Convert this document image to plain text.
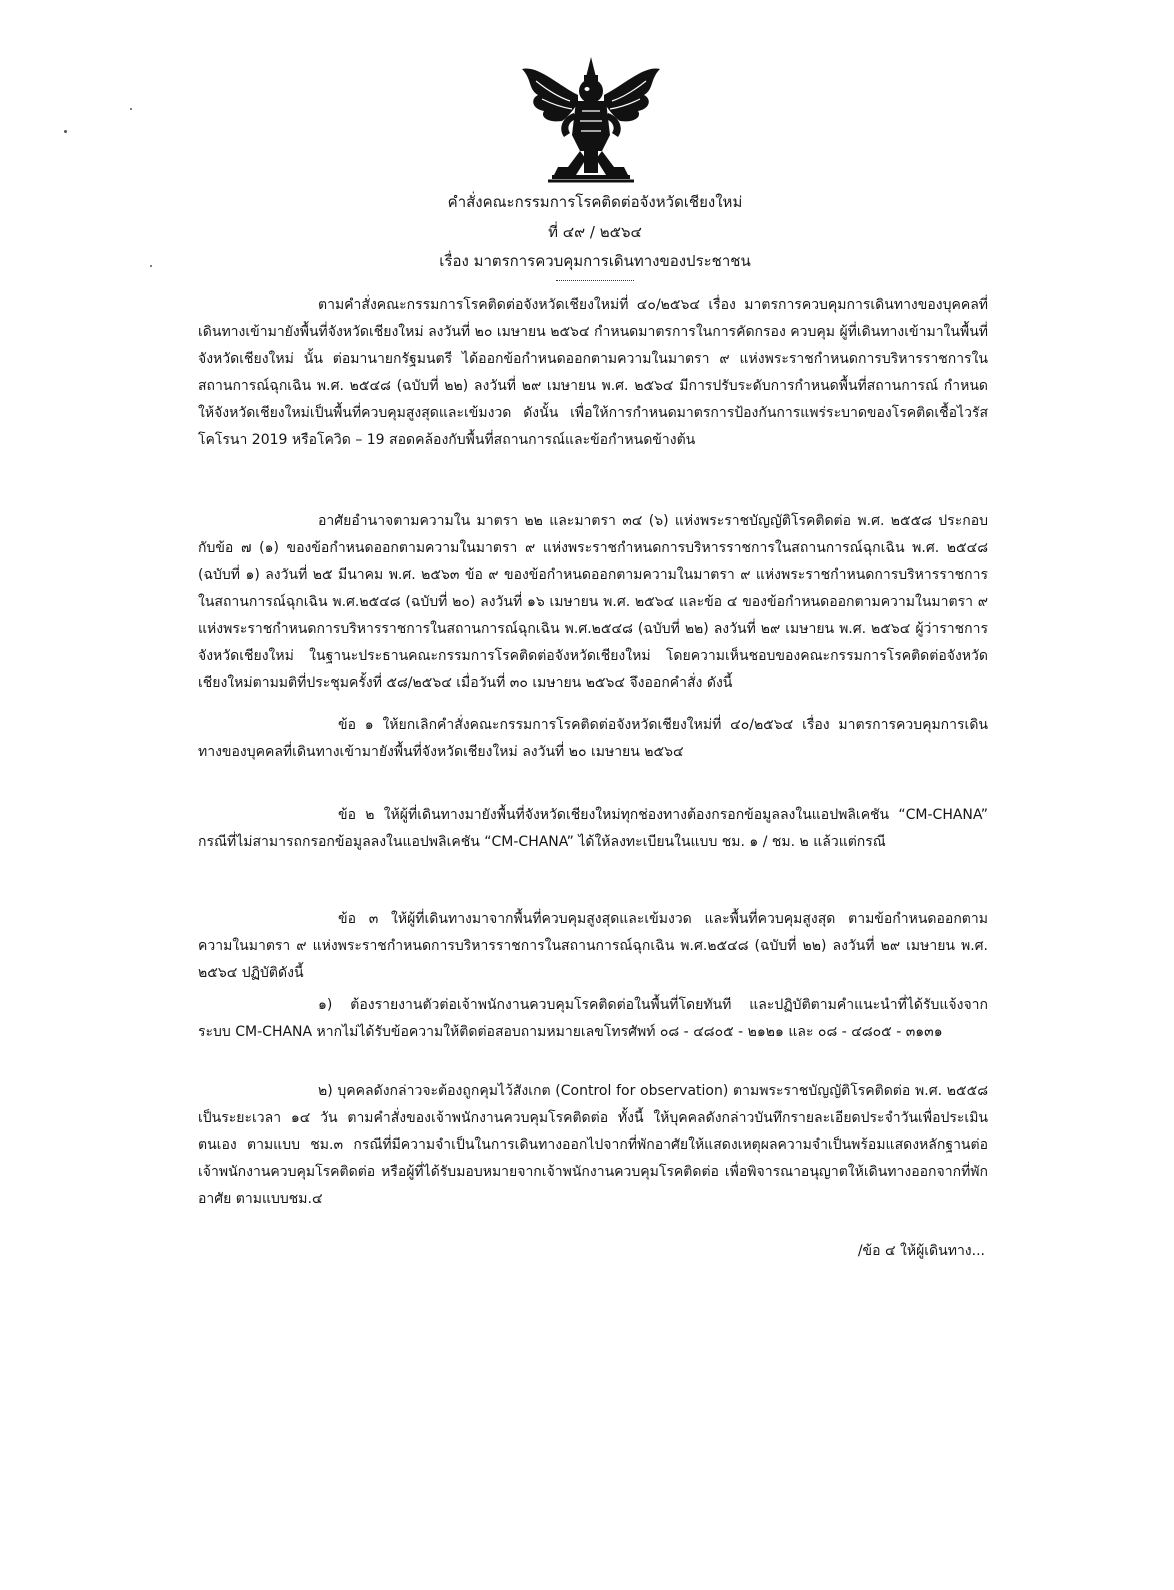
คำสั่งคณะกรรมการโรคติดต่อจังหวัดเชียงใหม่
ที่ ๔๙ / ๒๕๖๔
เรื่อง มาตรการควบคุมการเดินทางของประชาชน
ตามคำสั่งคณะกรรมการโรคติดต่อจังหวัดเชียงใหม่ที่ ๔๐/๒๕๖๔ เรื่อง มาตรการควบคุมการเดินทางของบุคคลที่เดินทางเข้ามายังพื้นที่จังหวัดเชียงใหม่ ลงวันที่ ๒๐ เมษายน ๒๕๖๔ กำหนดมาตรการในการคัดกรอง ควบคุม ผู้ที่เดินทางเข้ามาในพื้นที่จังหวัดเชียงใหม่ นั้น ต่อมานายกรัฐมนตรี ได้ออกข้อกำหนดออกตามความในมาตรา ๙ แห่งพระราชกำหนดการบริหารราชการในสถานการณ์ฉุกเฉิน พ.ศ. ๒๕๔๘ (ฉบับที่ ๒๒) ลงวันที่ ๒๙ เมษายน พ.ศ. ๒๕๖๔ มีการปรับระดับการกำหนดพื้นที่สถานการณ์ กำหนดให้จังหวัดเชียงใหม่เป็นพื้นที่ควบคุมสูงสุดและเข้มงวด ดังนั้น เพื่อให้การกำหนดมาตรการป้องกันการแพร่ระบาดของโรคติดเชื้อไวรัสโคโรนา 2019 หรือโควิด – 19 สอดคล้องกับพื้นที่สถานการณ์และข้อกำหนดข้างต้น
อาศัยอำนาจตามความใน มาตรา ๒๒ และมาตรา ๓๔ (๖) แห่งพระราชบัญญัติโรคติดต่อ พ.ศ. ๒๕๕๘ ประกอบกับข้อ ๗ (๑) ของข้อกำหนดออกตามความในมาตรา ๙ แห่งพระราชกำหนดการบริหารราชการในสถานการณ์ฉุกเฉิน พ.ศ. ๒๕๔๘ (ฉบับที่ ๑) ลงวันที่ ๒๕ มีนาคม พ.ศ. ๒๕๖๓ ข้อ ๙ ของข้อกำหนดออกตามความในมาตรา ๙ แห่งพระราชกำหนดการบริหารราชการในสถานการณ์ฉุกเฉิน พ.ศ.๒๕๔๘ (ฉบับที่ ๒๐) ลงวันที่ ๑๖ เมษายน พ.ศ. ๒๕๖๔ และข้อ ๔ ของข้อกำหนดออกตามความในมาตรา ๙ แห่งพระราชกำหนดการบริหารราชการในสถานการณ์ฉุกเฉิน พ.ศ.๒๕๔๘ (ฉบับที่ ๒๒) ลงวันที่ ๒๙ เมษายน พ.ศ. ๒๕๖๔ ผู้ว่าราชการจังหวัดเชียงใหม่ ในฐานะประธานคณะกรรมการโรคติดต่อจังหวัดเชียงใหม่ โดยความเห็นชอบของคณะกรรมการโรคติดต่อจังหวัดเชียงใหม่ตามมติที่ประชุมครั้งที่ ๕๘/๒๕๖๔ เมื่อวันที่ ๓๐ เมษายน ๒๕๖๔ จึงออกคำสั่ง ดังนี้
ข้อ ๑ ให้ยกเลิกคำสั่งคณะกรรมการโรคติดต่อจังหวัดเชียงใหม่ที่ ๔๐/๒๕๖๔ เรื่อง มาตรการควบคุมการเดินทางของบุคคลที่เดินทางเข้ามายังพื้นที่จังหวัดเชียงใหม่ ลงวันที่ ๒๐ เมษายน ๒๕๖๔
ข้อ ๒ ให้ผู้ที่เดินทางมายังพื้นที่จังหวัดเชียงใหม่ทุกช่องทางต้องกรอกข้อมูลลงในแอปพลิเคชัน “CM-CHANA” กรณีที่ไม่สามารถกรอกข้อมูลลงในแอปพลิเคชัน “CM-CHANA” ได้ให้ลงทะเบียนในแบบ ชม. ๑ / ชม. ๒ แล้วแต่กรณี
ข้อ ๓ ให้ผู้ที่เดินทางมาจากพื้นที่ควบคุมสูงสุดและเข้มงวด และพื้นที่ควบคุมสูงสุด ตามข้อกำหนดออกตามความในมาตรา ๙ แห่งพระราชกำหนดการบริหารราชการในสถานการณ์ฉุกเฉิน พ.ศ.๒๕๔๘ (ฉบับที่ ๒๒) ลงวันที่ ๒๙ เมษายน พ.ศ. ๒๕๖๔ ปฏิบัติดังนี้
๑) ต้องรายงานตัวต่อเจ้าพนักงานควบคุมโรคติดต่อในพื้นที่โดยทันที และปฏิบัติตามคำแนะนำที่ได้รับแจ้งจากระบบ CM-CHANA หากไม่ได้รับข้อความให้ติดต่อสอบถามหมายเลขโทรศัพท์ ๐๘ - ๔๘๐๕ - ๒๑๒๑ และ ๐๘ - ๔๘๐๕ - ๓๑๓๑
๒) บุคคลดังกล่าวจะต้องถูกคุมไว้สังเกต (Control for observation) ตามพระราชบัญญัติโรคติดต่อ พ.ศ. ๒๕๕๘ เป็นระยะเวลา ๑๔ วัน ตามคำสั่งของเจ้าพนักงานควบคุมโรคติดต่อ ทั้งนี้ ให้บุคคลดังกล่าวบันทึกรายละเอียดประจำวันเพื่อประเมินตนเอง ตามแบบ ชม.๓ กรณีที่มีความจำเป็นในการเดินทางออกไปจากที่พักอาศัยให้แสดงเหตุผลความจำเป็นพร้อมแสดงหลักฐานต่อเจ้าพนักงานควบคุมโรคติดต่อ หรือผู้ที่ได้รับมอบหมายจากเจ้าพนักงานควบคุมโรคติดต่อ เพื่อพิจารณาอนุญาตให้เดินทางออกจากที่พักอาศัย ตามแบบชม.๔
/ข้อ ๔ ให้ผู้เดินทาง...
